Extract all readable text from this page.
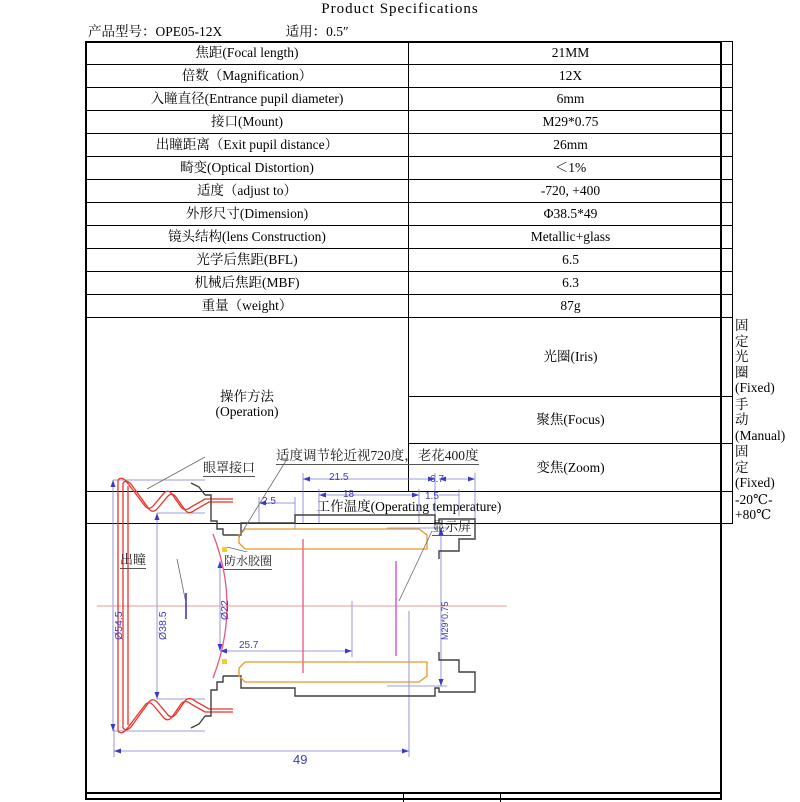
Product Specifications
产品型号：OPE05-12X	适用：0.5″
焦距(Focal length)	21MM	
倍数（Magnification）	12X	
入瞳直径(Entrance pupil diameter)	6mm	
接口(Mount)	M29*0.75	
出瞳距离（Exit pupil distance）	26mm	
畸变(Optical Distortion)	＜1%	
适度（adjust to）	-720, +400	
外形尺寸(Dimension)	Φ38.5*49	
镜头结构(lens Construction)	Metallic+glass	
光学后焦距(BFL)	6.5	
机械后焦距(MBF)	6.3	
重量（weight）	87g	

操作方法
(Operation)	光圈(Iris)	固定光圈(Fixed)
	聚焦(Focus)	手动(Manual)
	变焦(Zoom)	固定(Fixed)
工作温度(Operating temperature)		-20℃- +80℃
眼罩接口
适度调节轮近视720度，老花400度
出瞳	防水胶圈
显示屏
Ø54.5	Ø38.5
Ø22	M29*0.75
21.5
18
6.7
1.5
2.5
25.7
49
